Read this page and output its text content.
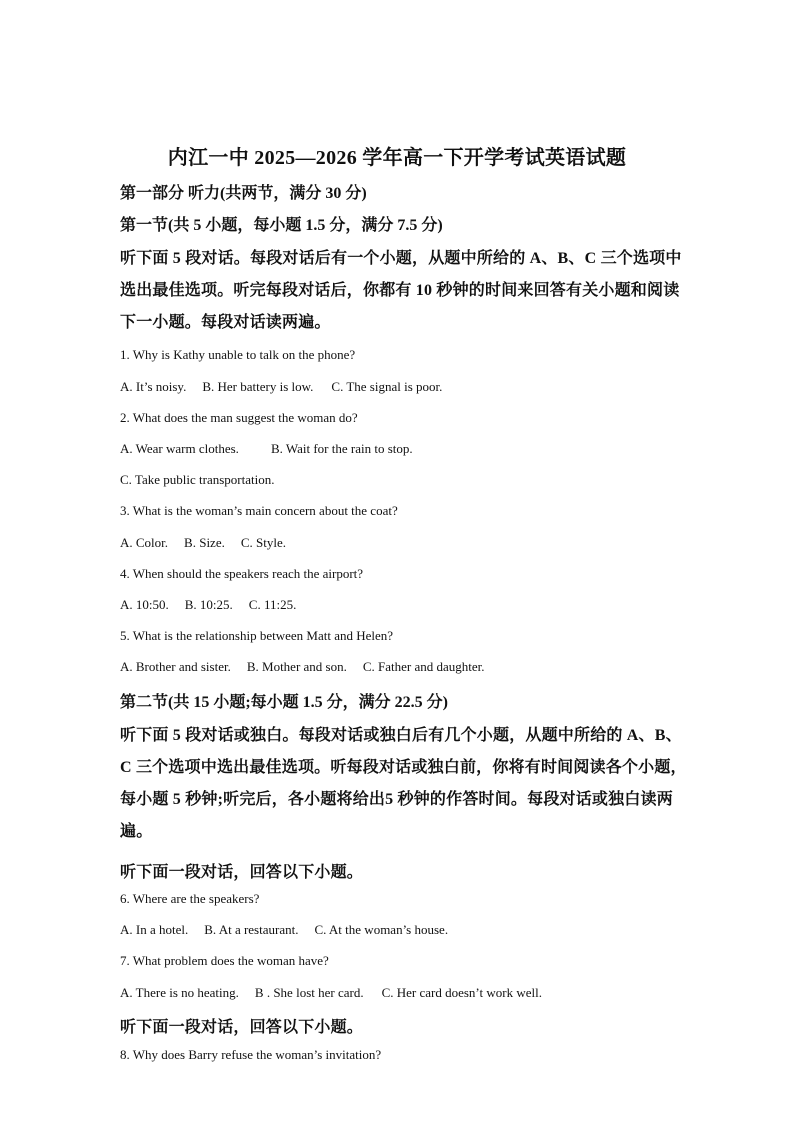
内江一中 2025—2026 学年高一下开学考试英语试题
第一部分 听力(共两节，满分 30 分)
第一节(共 5 小题，每小题 1.5 分，满分 7.5 分)
听下面 5 段对话。每段对话后有一个小题，从题中所给的 A、B、C 三个选项中
选出最佳选项。听完每段对话后，你都有 10 秒钟的时间来回答有关小题和阅读
下一小题。每段对话读两遍。
1. Why is Kathy unable to talk on the phone?
A. It’s noisy. B. Her battery is low. C. The signal is poor.
2. What does the man suggest the woman do?
A. Wear warm clothes. B. Wait for the rain to stop.
C. Take public transportation.
3. What is the woman’s main concern about the coat?
A. Color. B. Size. C. Style.
4. When should the speakers reach the airport?
A. 10:50. B. 10:25. C. 11:25.
5. What is the relationship between Matt and Helen?
A. Brother and sister. B. Mother and son. C. Father and daughter.
第二节(共 15 小题;每小题 1.5 分，满分 22.5 分)
听下面 5 段对话或独白。每段对话或独白后有几个小题，从题中所给的 A、B、
C 三个选项中选出最佳选项。听每段对话或独白前，你将有时间阅读各个小题，
每小题 5 秒钟;听完后，各小题将给出5 秒钟的作答时间。每段对话或独白读两
遍。
听下面一段对话，回答以下小题。
6. Where are the speakers?
A. In a hotel. B. At a restaurant. C. At the woman’s house.
7. What problem does the woman have?
A. There is no heating. B . She lost her card. C. Her card doesn’t work well.
听下面一段对话，回答以下小题。
8. Why does Barry refuse the woman’s invitation?
